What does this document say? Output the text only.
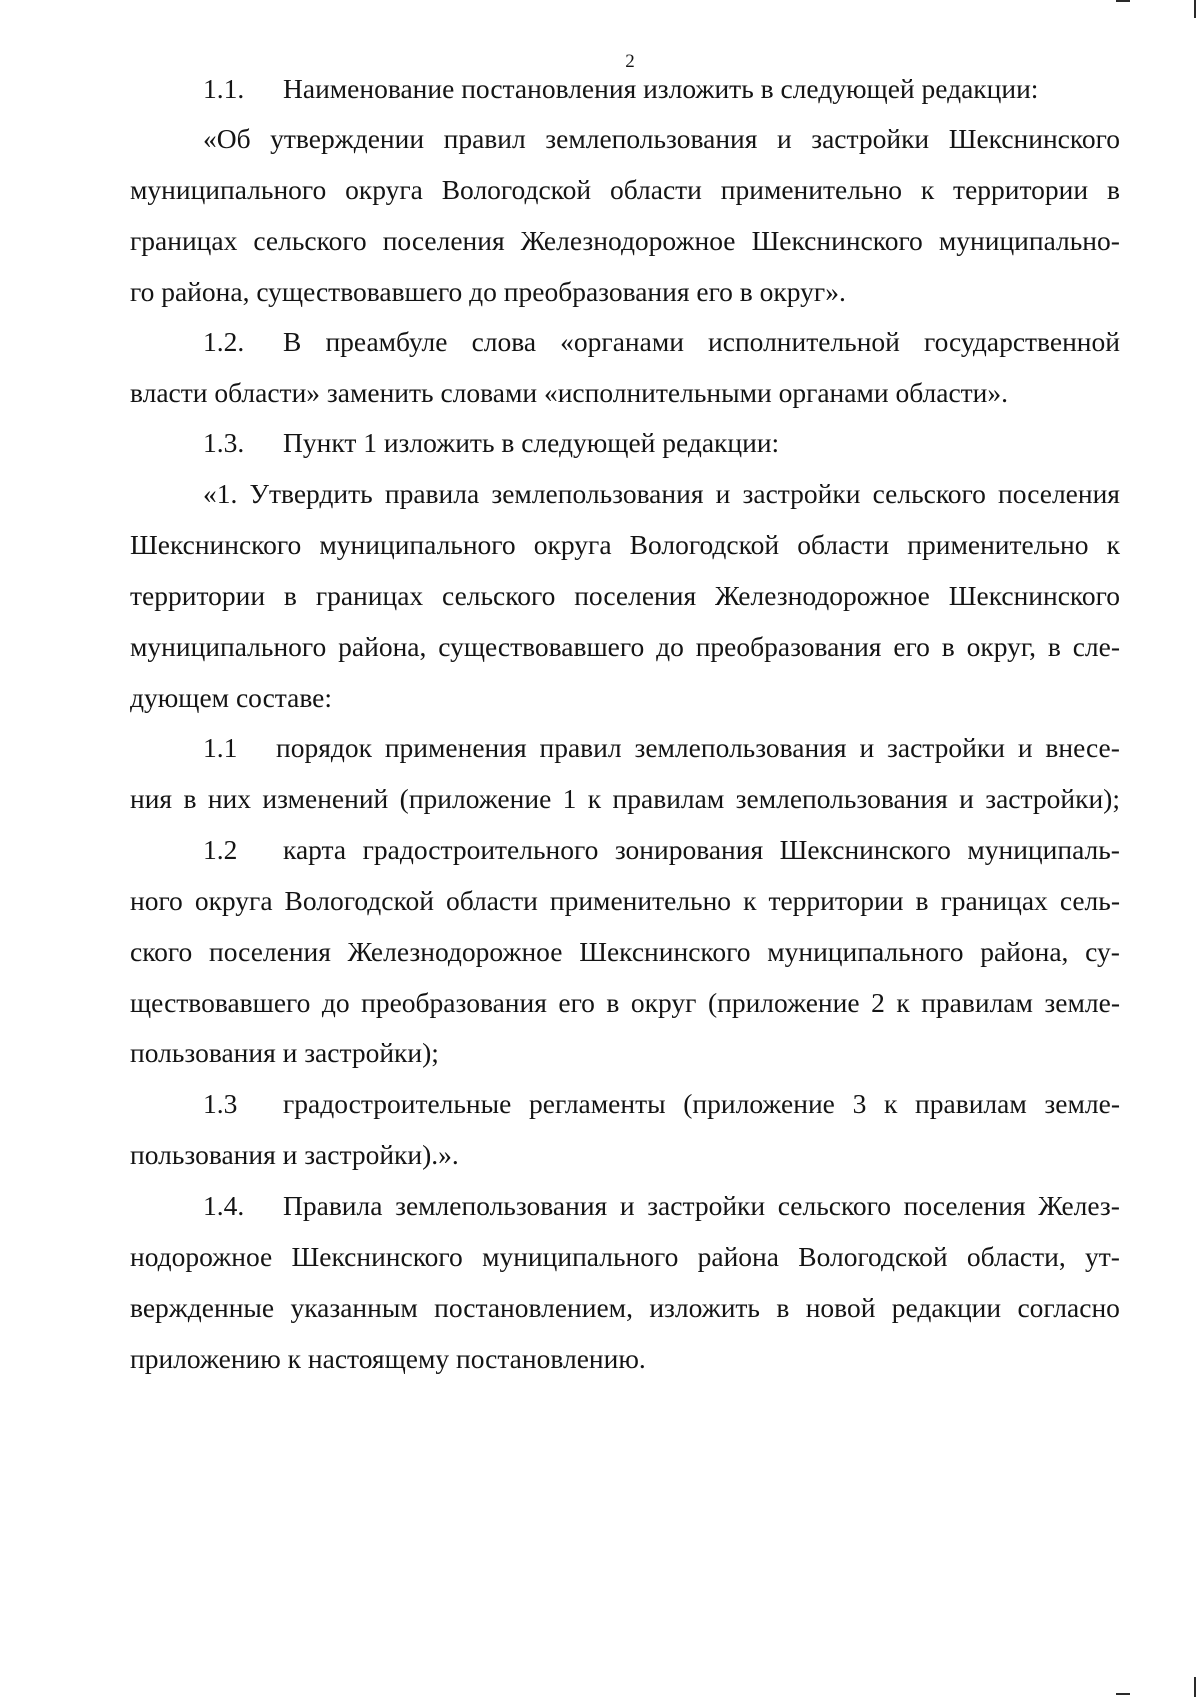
2
1.1. Наименование постановления изложить в следующей редакции:
«Об утверждении правил землепользования и застройки Шекснинского
муниципального округа Вологодской области применительно к территории в
границах сельского поселения Железнодорожное Шекснинского муниципально-
го района, существовавшего до преобразования его в округ».
1.2. В преамбуле слова «органами исполнительной государственной
власти области» заменить словами «исполнительными органами области».
1.3. Пункт 1 изложить в следующей редакции:
«1. Утвердить правила землепользования и застройки сельского поселения
Шекснинского муниципального округа Вологодской области применительно к
территории в границах сельского поселения Железнодорожное Шекснинского
муниципального района, существовавшего до преобразования его в округ, в сле-
дующем составе:
1.1 порядок применения правил землепользования и застройки и внесе-
ния в них изменений (приложение 1 к правилам землепользования и застройки);
1.2 карта градостроительного зонирования Шекснинского муниципаль-
ного округа Вологодской области применительно к территории в границах сель-
ского поселения Железнодорожное Шекснинского муниципального района, су-
ществовавшего до преобразования его в округ (приложение 2 к правилам земле-
пользования и застройки);
1.3 градостроительные регламенты (приложение 3 к правилам земле-
пользования и застройки).».
1.4. Правила землепользования и застройки сельского поселения Желез-
нодорожное Шекснинского муниципального района Вологодской области, ут-
вержденные указанным постановлением, изложить в новой редакции согласно
приложению к настоящему постановлению.
